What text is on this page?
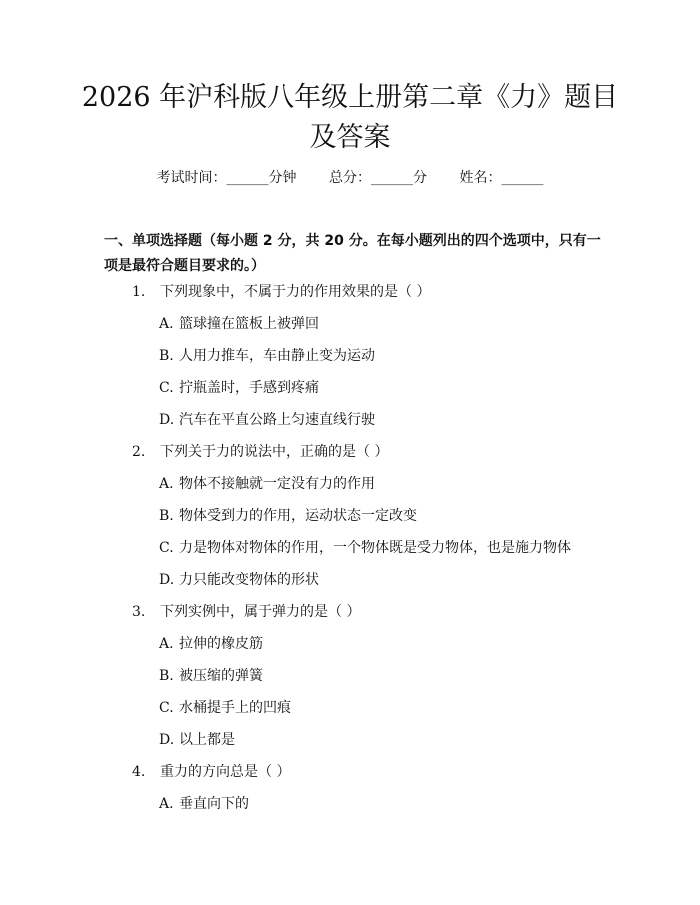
2026 年沪科版八年级上册第二章《力》题目
及答案
考试时间：______分钟 总分：______分 姓名：______
一、单项选择题（每小题 2 分，共 20 分。在每小题列出的四个选项中，只有一项是最符合题目要求的。）
1. 下列现象中，不属于力的作用效果的是（ ）
A. 篮球撞在篮板上被弹回
B. 人用力推车，车由静止变为运动
C. 拧瓶盖时，手感到疼痛
D. 汽车在平直公路上匀速直线行驶
2. 下列关于力的说法中，正确的是（ ）
A. 物体不接触就一定没有力的作用
B. 物体受到力的作用，运动状态一定改变
C. 力是物体对物体的作用，一个物体既是受力物体，也是施力物体
D. 力只能改变物体的形状
3. 下列实例中，属于弹力的是（ ）
A. 拉伸的橡皮筋
B. 被压缩的弹簧
C. 水桶提手上的凹痕
D. 以上都是
4. 重力的方向总是（ ）
A. 垂直向下的
